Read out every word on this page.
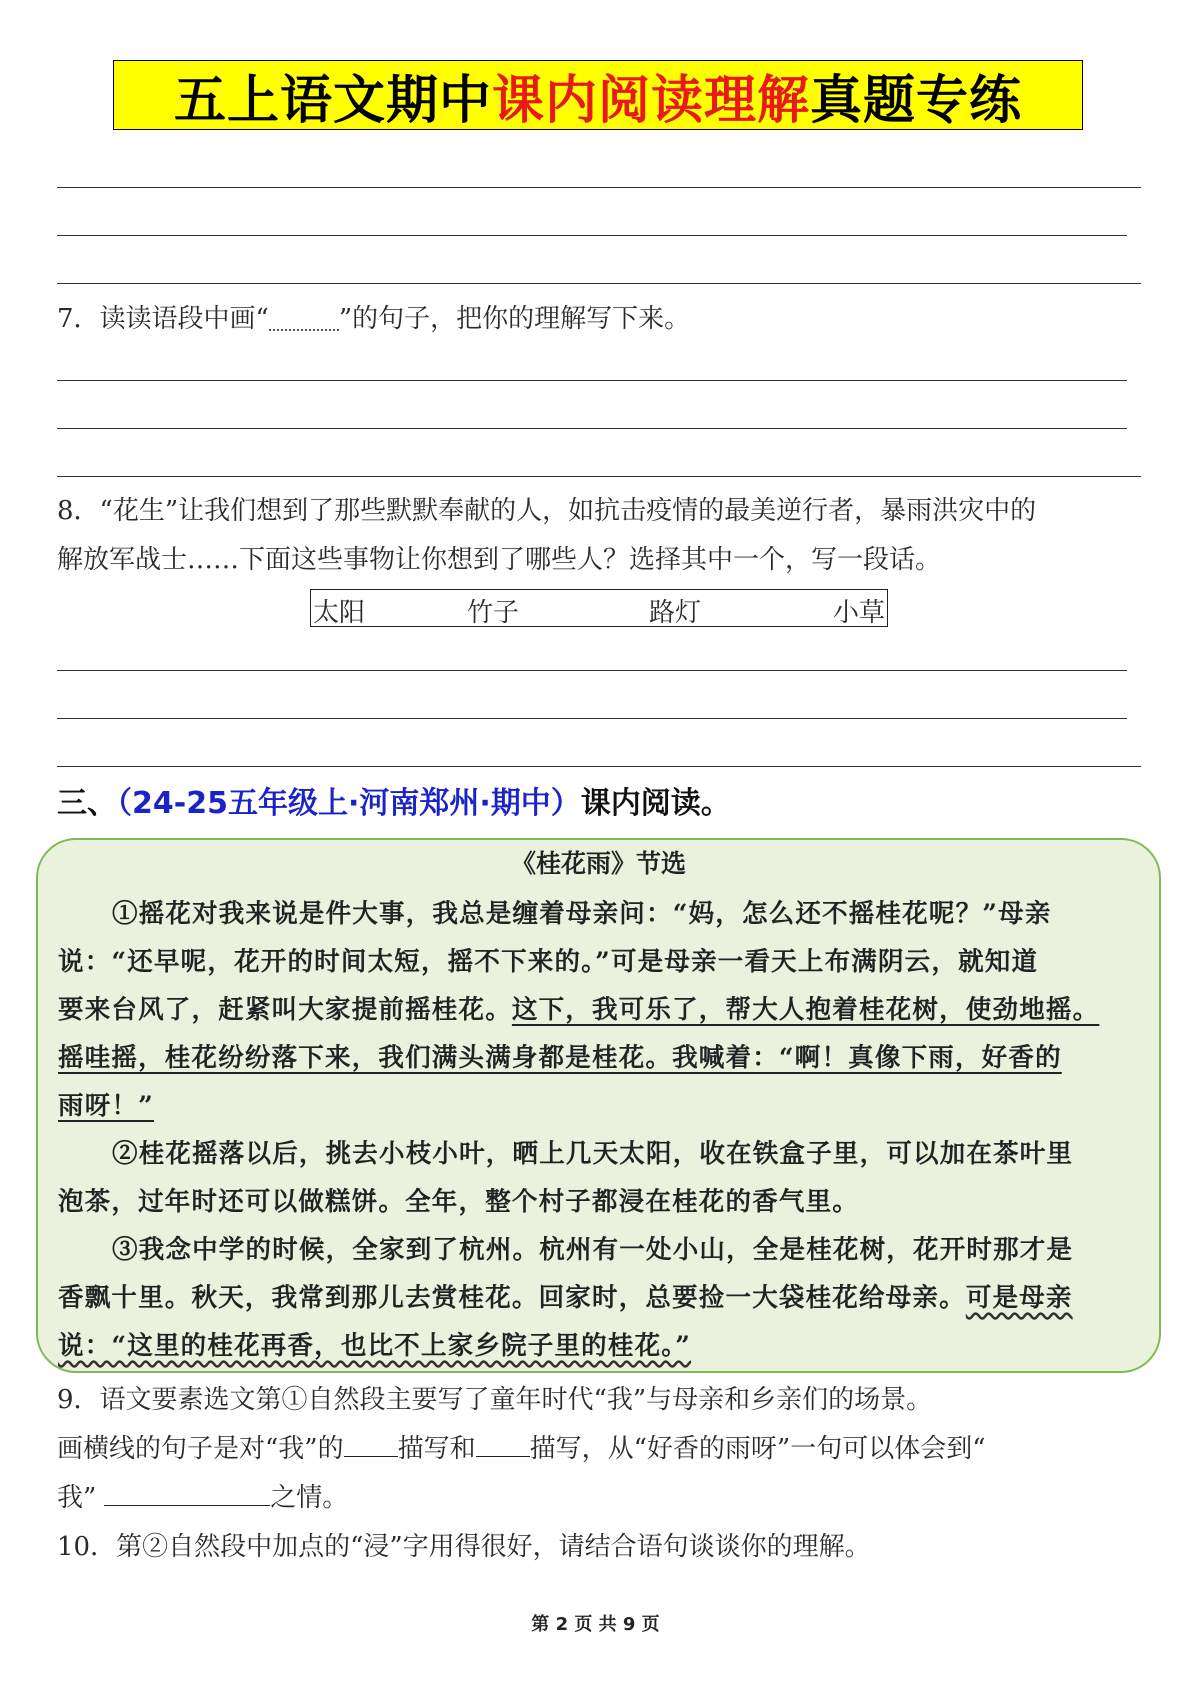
五上语文期中 课内阅读理解 真题专练
7．读读语段中画“	”的句子，把你的理解写下来。
8．“花生”让我们想到了那些默默奉献的人，如抗击疫情的最美逆行者，暴雨洪灾中的
解放军战士……下面这些事物让你想到了哪些人？选择其中一个，写一段话。
太阳	竹子	路灯	小草
三、（24-25五年级上·河南郑州·期中）课内阅读。
《桂花雨》节选
①摇花对我来说是件大事，我总是缠着母亲问：“妈，怎么还不摇桂花呢？”母亲
说：“还早呢，花开的时间太短，摇不下来的。”可是母亲一看天上布满阴云，就知道
要来台风了，赶紧叫大家提前摇桂花。这下，我可乐了，帮大人抱着桂花树，使劲地摇。
摇哇摇，桂花纷纷落下来，我们满头满身都是桂花。我喊着：“啊！真像下雨，好香的
雨呀！”
②桂花摇落以后，挑去小枝小叶，晒上几天太阳，收在铁盒子里，可以加在茶叶里
泡茶，过年时还可以做糕饼。全年，整个村子都浸在桂花的香气里。
③我念中学的时候，全家到了杭州。杭州有一处小山，全是桂花树，花开时那才是
香飘十里。秋天，我常到那儿去赏桂花。回家时，总要捡一大袋桂花给母亲。可是母亲
说：“这里的桂花再香，也比不上家乡院子里的桂花。”
9．语文要素选文第①自然段主要写了童年时代“我”与母亲和乡亲们的场景。
画横线的句子是对“我”的 描写和 描写，从“好香的雨呀”一句可以体会到“
我”	之情。
10．第②自然段中加点的“浸”字用得很好，请结合语句谈谈你的理解。
第 2 页 共 9 页
